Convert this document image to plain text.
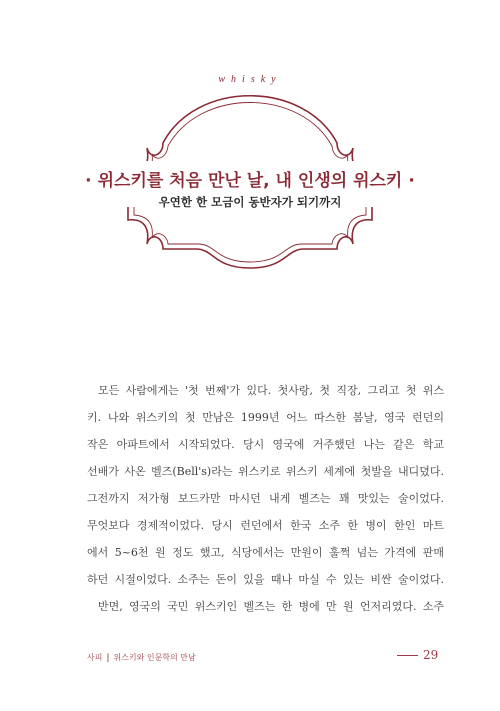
whisky
· 위스키를 처음 만난 날, 내 인생의 위스키 ·
우연한 한 모금이 동반자가 되기까지
모든 사람에게는 '첫 번째'가 있다. 첫사랑, 첫 직장, 그리고 첫 위스
키. 나와 위스키의 첫 만남은 1999년 어느 따스한 봄날, 영국 런던의
작은 아파트에서 시작되었다. 당시 영국에 거주했던 나는 같은 학교
선배가 사온 벨즈(Bell's)라는 위스키로 위스키 세계에 첫발을 내디뎠다.
그전까지 저가형 보드카만 마시던 내게 벨즈는 꽤 맛있는 술이었다.
무엇보다 경제적이었다. 당시 런던에서 한국 소주 한 병이 한인 마트
에서 5~6천 원 정도 했고, 식당에서는 만원이 훌쩍 넘는 가격에 판매
하던 시절이었다. 소주는 돈이 있을 때나 마실 수 있는 비싼 술이었다.
반면, 영국의 국민 위스키인 벨즈는 한 병에 만 원 언저리였다. 소주
사피 | 위스키와 인문학의 만남	29
